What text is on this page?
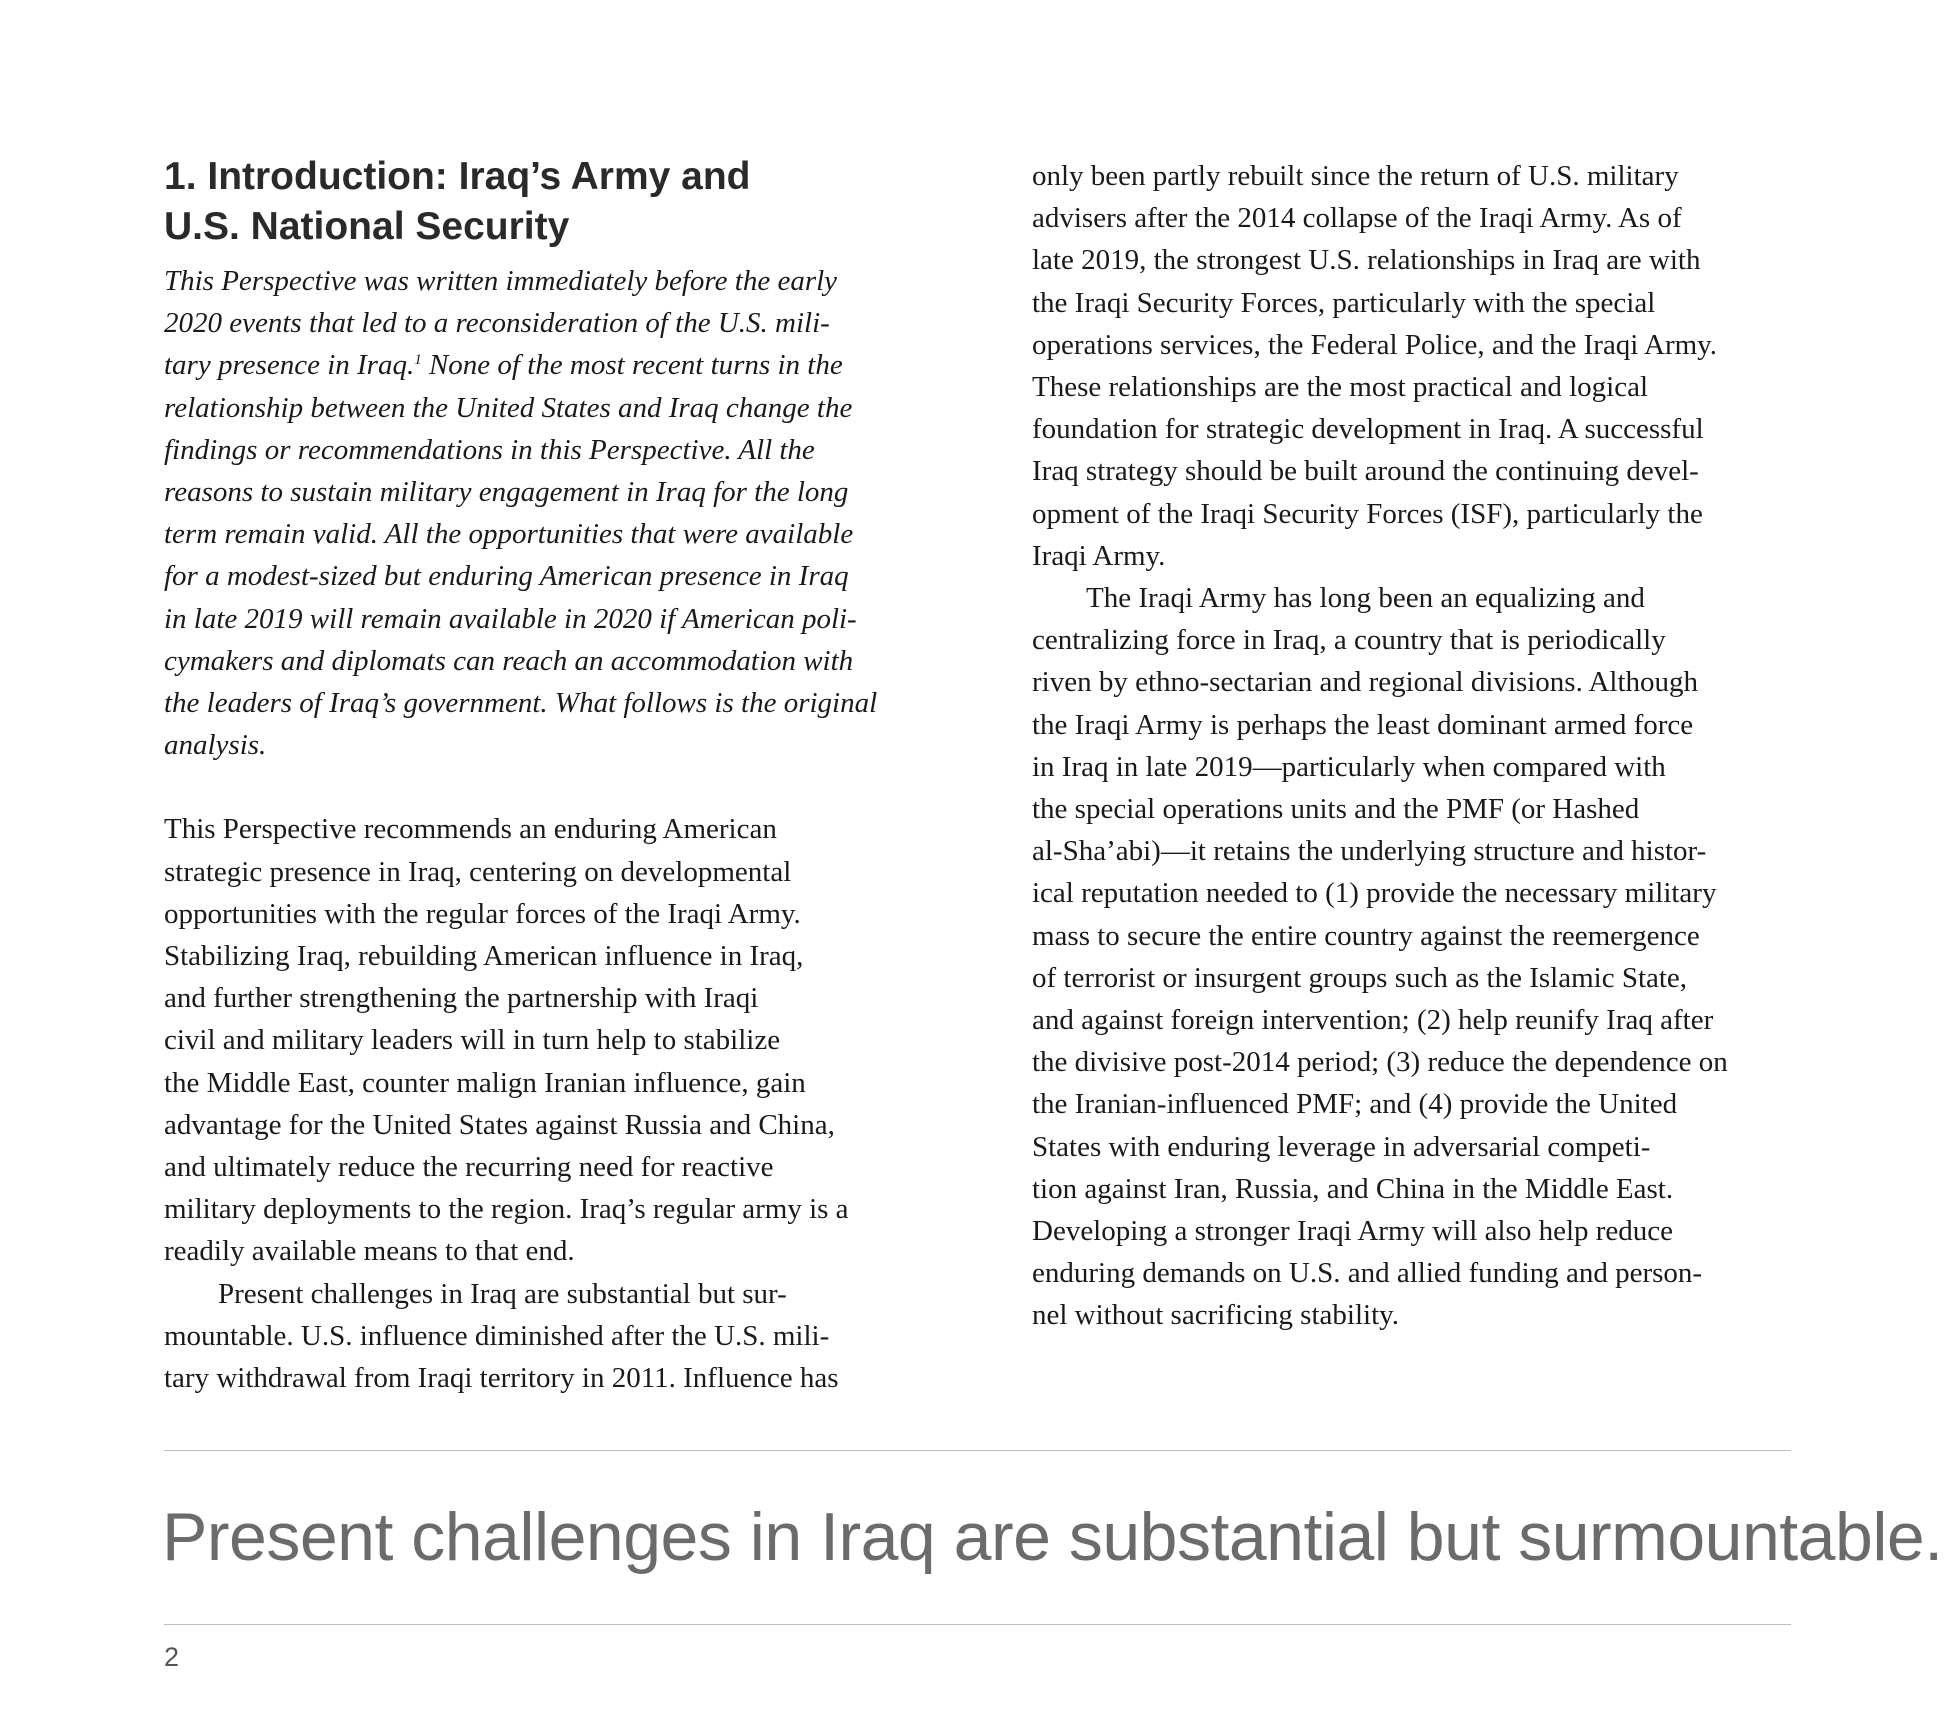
1. Introduction: Iraq’s Army and
U.S. National Security
This Perspective was written immediately before the early
2020 events that led to a reconsideration of the U.S. mili-
tary presence in Iraq.$^1$ None of the most recent turns in the
relationship between the United States and Iraq change the
findings or recommendations in this Perspective. All the
reasons to sustain military engagement in Iraq for the long
term remain valid. All the opportunities that were available
for a modest-sized but enduring American presence in Iraq
in late 2019 will remain available in 2020 if American poli-
cymakers and diplomats can reach an accommodation with
the leaders of Iraq’s government. What follows is the original
analysis.
This Perspective recommends an enduring American
strategic presence in Iraq, centering on developmental
opportunities with the regular forces of the Iraqi Army.
Stabilizing Iraq, rebuilding American influence in Iraq,
and further strengthening the partnership with Iraqi
civil and military leaders will in turn help to stabilize
the Middle East, counter malign Iranian influence, gain
advantage for the United States against Russia and China,
and ultimately reduce the recurring need for reactive
military deployments to the region. Iraq’s regular army is a
readily available means to that end.
Present challenges in Iraq are substantial but sur-
mountable. U.S. influence diminished after the U.S. mili-
tary withdrawal from Iraqi territory in 2011. Influence has
only been partly rebuilt since the return of U.S. military
advisers after the 2014 collapse of the Iraqi Army. As of
late 2019, the strongest U.S. relationships in Iraq are with
the Iraqi Security Forces, particularly with the special
operations services, the Federal Police, and the Iraqi Army.
These relationships are the most practical and logical
foundation for strategic development in Iraq. A successful
Iraq strategy should be built around the continuing devel-
opment of the Iraqi Security Forces (ISF), particularly the
Iraqi Army.
The Iraqi Army has long been an equalizing and
centralizing force in Iraq, a country that is periodically
riven by ethno-sectarian and regional divisions. Although
the Iraqi Army is perhaps the least dominant armed force
in Iraq in late 2019—particularly when compared with
the special operations units and the PMF (or Hashed
al-Sha’abi)—it retains the underlying structure and histor-
ical reputation needed to (1) provide the necessary military
mass to secure the entire country against the reemergence
of terrorist or insurgent groups such as the Islamic State,
and against foreign intervention; (2) help reunify Iraq after
the divisive post-2014 period; (3) reduce the dependence on
the Iranian-influenced PMF; and (4) provide the United
States with enduring leverage in adversarial competi-
tion against Iran, Russia, and China in the Middle East.
Developing a stronger Iraqi Army will also help reduce
enduring demands on U.S. and allied funding and person-
nel without sacrificing stability.
Present challenges in Iraq are substantial but surmountable.
2
